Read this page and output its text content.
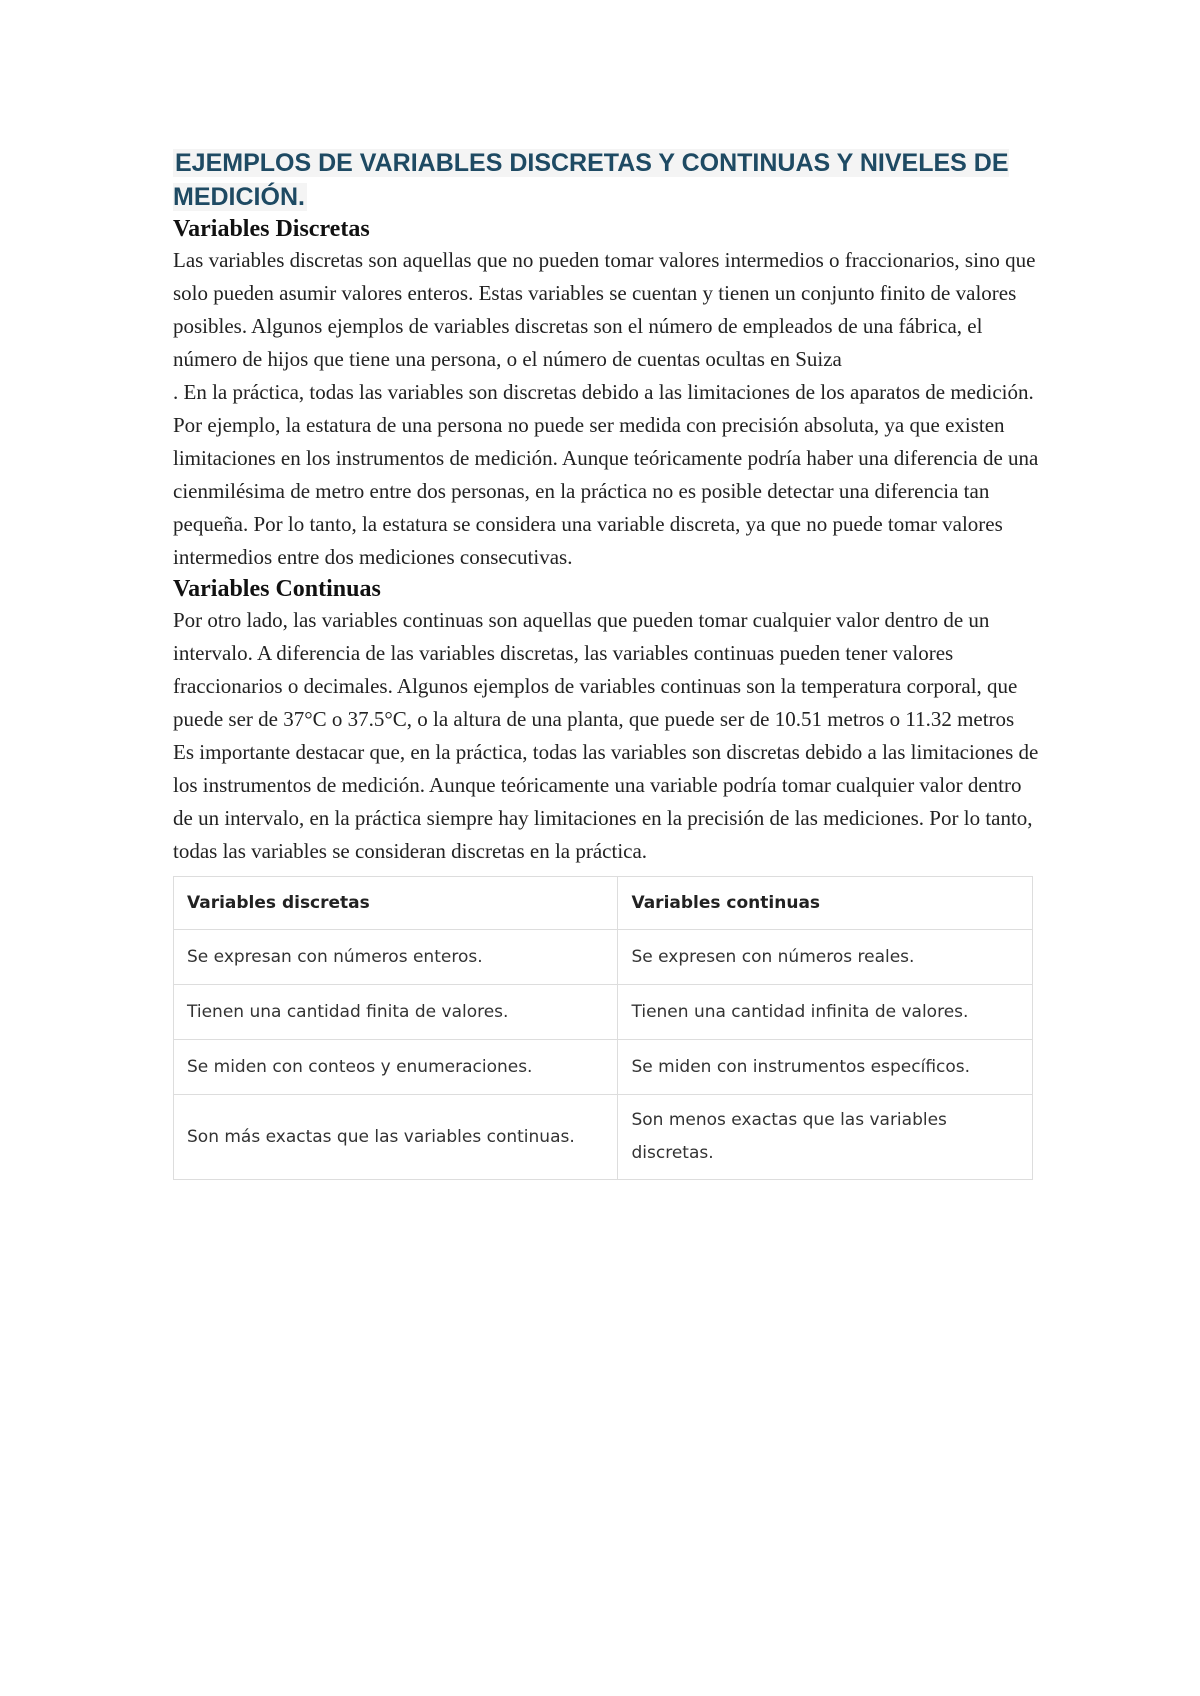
EJEMPLOS DE VARIABLES DISCRETAS Y CONTINUAS Y NIVELES DE MEDICIÓN.
Variables Discretas

Las variables discretas son aquellas que no pueden tomar valores intermedios o fraccionarios, sino que solo pueden asumir valores enteros. Estas variables se cuentan y tienen un conjunto finito de valores posibles. Algunos ejemplos de variables discretas son el número de empleados de una fábrica, el número de hijos que tiene una persona, o el número de cuentas ocultas en Suiza

. En la práctica, todas las variables son discretas debido a las limitaciones de los aparatos de medición. Por ejemplo, la estatura de una persona no puede ser medida con precisión absoluta, ya que existen limitaciones en los instrumentos de medición. Aunque teóricamente podría haber una diferencia de una cienmilésima de metro entre dos personas, en la práctica no es posible detectar una diferencia tan pequeña. Por lo tanto, la estatura se considera una variable discreta, ya que no puede tomar valores intermedios entre dos mediciones consecutivas.

Variables Continuas

Por otro lado, las variables continuas son aquellas que pueden tomar cualquier valor dentro de un intervalo. A diferencia de las variables discretas, las variables continuas pueden tener valores fraccionarios o decimales. Algunos ejemplos de variables continuas son la temperatura corporal, que puede ser de 37°C o 37.5°C, o la altura de una planta, que puede ser de 10.51 metros o 11.32 metros

Es importante destacar que, en la práctica, todas las variables son discretas debido a las limitaciones de los instrumentos de medición. Aunque teóricamente una variable podría tomar cualquier valor dentro de un intervalo, en la práctica siempre hay limitaciones en la precisión de las mediciones. Por lo tanto, todas las variables se consideran discretas en la práctica.

Variables discretas	Variables continuas
Se expresan con números enteros.	Se expresen con números reales.
Tienen una cantidad finita de valores.	Tienen una cantidad infinita de valores.
Se miden con conteos y enumeraciones.	Se miden con instrumentos específicos.
Son más exactas que las variables continuas.	Son menos exactas que las variables discretas.
